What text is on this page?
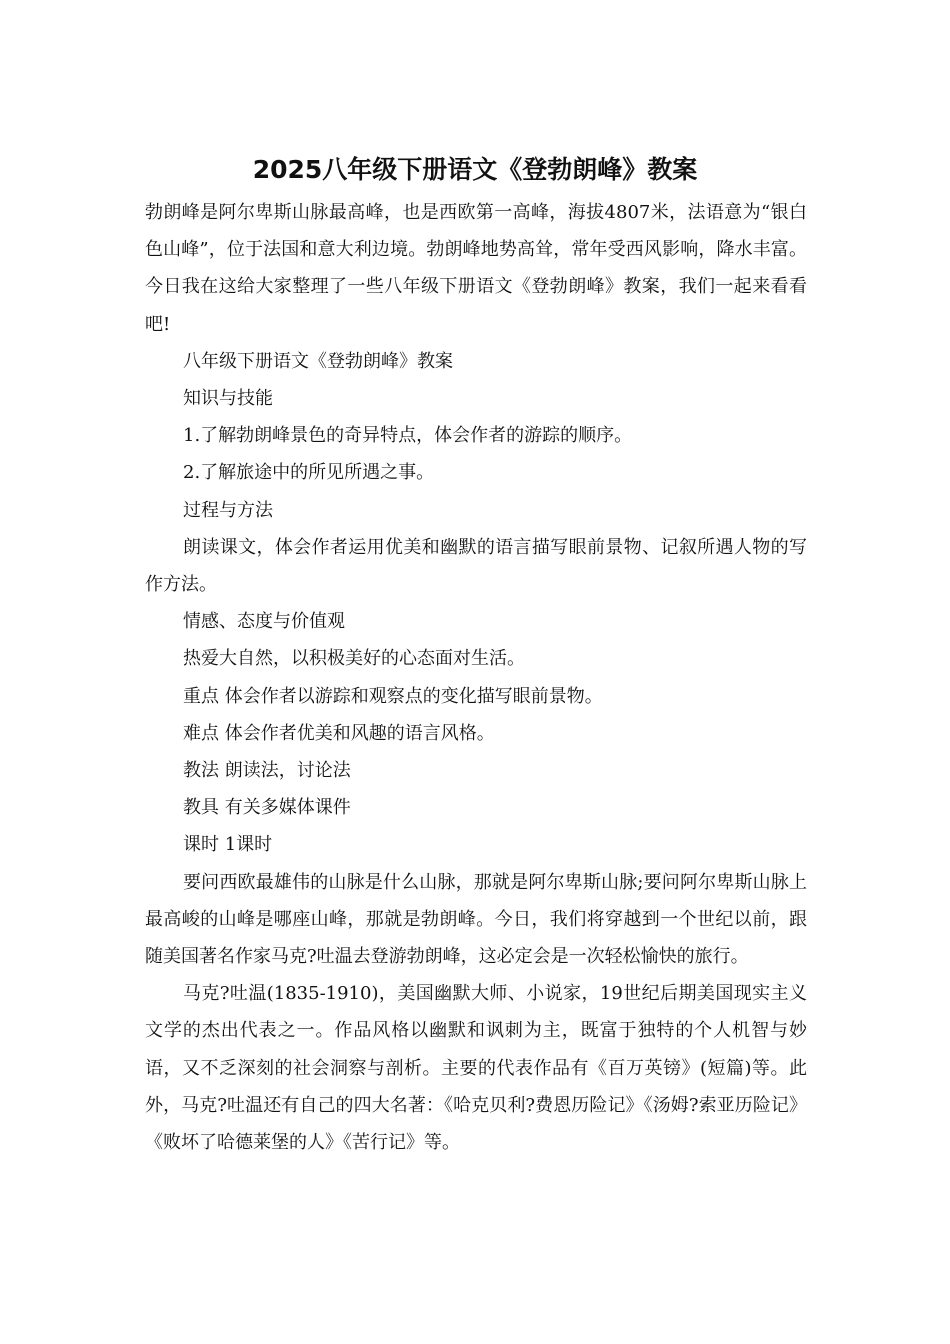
2025八年级下册语文《登勃朗峰》教案

勃朗峰是阿尔卑斯山脉最高峰，也是西欧第一高峰，海拔4807米，法语意为“银白色山峰”，位于法国和意大利边境。勃朗峰地势高耸，常年受西风影响，降水丰富。今日我在这给大家整理了一些八年级下册语文《登勃朗峰》教案，我们一起来看看吧!

八年级下册语文《登勃朗峰》教案

知识与技能

1.了解勃朗峰景色的奇异特点，体会作者的游踪的顺序。

2.了解旅途中的所见所遇之事。

过程与方法

朗读课文，体会作者运用优美和幽默的语言描写眼前景物、记叙所遇人物的写作方法。

情感、态度与价值观

热爱大自然，以积极美好的心态面对生活。

重点 体会作者以游踪和观察点的变化描写眼前景物。

难点 体会作者优美和风趣的语言风格。

教法 朗读法，讨论法

教具 有关多媒体课件

课时 1课时

要问西欧最雄伟的山脉是什么山脉，那就是阿尔卑斯山脉;要问阿尔卑斯山脉上最高峻的山峰是哪座山峰，那就是勃朗峰。今日，我们将穿越到一个世纪以前，跟随美国著名作家马克?吐温去登游勃朗峰，这必定会是一次轻松愉快的旅行。

马克?吐温(1835-1910)，美国幽默大师、小说家，19世纪后期美国现实主义文学的杰出代表之一。作品风格以幽默和讽刺为主，既富于独特的个人机智与妙语，又不乏深刻的社会洞察与剖析。主要的代表作品有《百万英镑》(短篇)等。此外，马克?吐温还有自己的四大名著：《哈克贝利?费恩历险记》《汤姆?索亚历险记》《败坏了哈德莱堡的人》《苦行记》等。
